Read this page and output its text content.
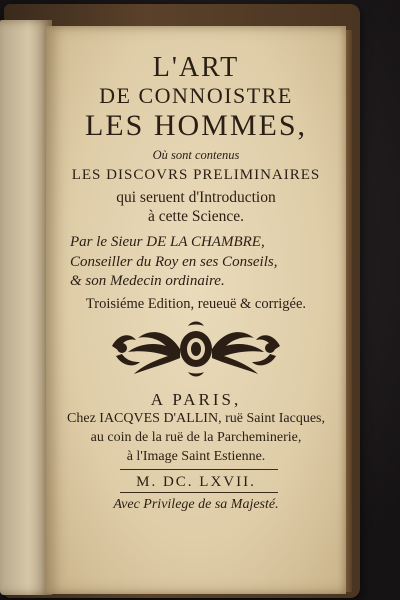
L'ART
DE CONNOISTRE
LES HOMMES,
Où sont contenus
LES DISCOVRS PRELIMINAIRES
qui seruent d'Introduction
à cette Science.
Par le Sieur DE LA CHAMBRE,
Conseiller du Roy en ses Conseils,
& son Medecin ordinaire.
Troisiéme Edition, reueuë & corrigée.
A PARIS,
Chez IACQVES D'ALLIN, ruë Saint Iacques,
au coin de la ruë de la Parcheminerie,
à l'Image Saint Estienne.
M. DC. LXVII.
Avec Privilege de sa Majesté.
